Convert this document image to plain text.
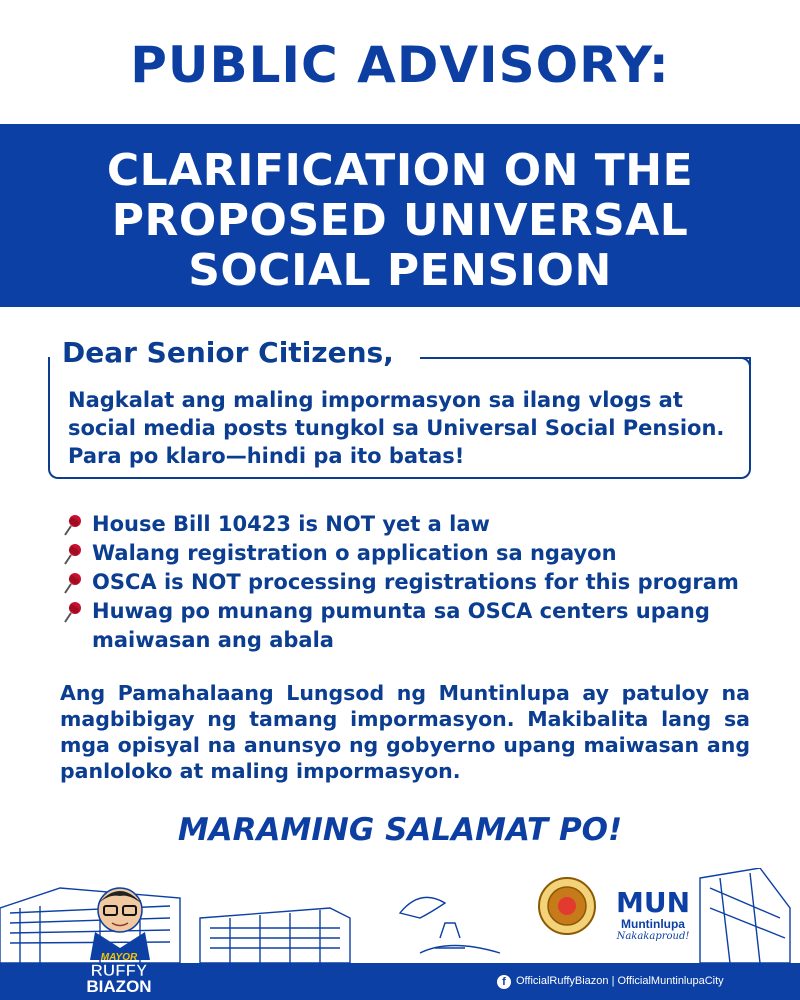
PUBLIC ADVISORY:
CLARIFICATION ON THE
PROPOSED UNIVERSAL
SOCIAL PENSION
Dear Senior Citizens,
Nagkalat ang maling impormasyon sa ilang vlogs at social media posts tungkol sa Universal Social Pension. Para po klaro—hindi pa ito batas!
House Bill 10423 is NOT yet a law
Walang registration o application sa ngayon
OSCA is NOT processing registrations for this program
Huwag po munang pumunta sa OSCA centers upang maiwasan ang abala
Ang Pamahalaang Lungsod ng Muntinlupa ay patuloy na magbibigay ng tamang impormasyon. Makibalita lang sa mga opisyal na anunsyo ng gobyerno upang maiwasan ang panloloko at maling impormasyon.
MARAMING SALAMAT PO!
MUN
Muntinlupa
Nakakaproud!
MAYOR
RUFFY
BIAZON	f OfficialRuffyBiazon | OfficialMuntinlupaCity
